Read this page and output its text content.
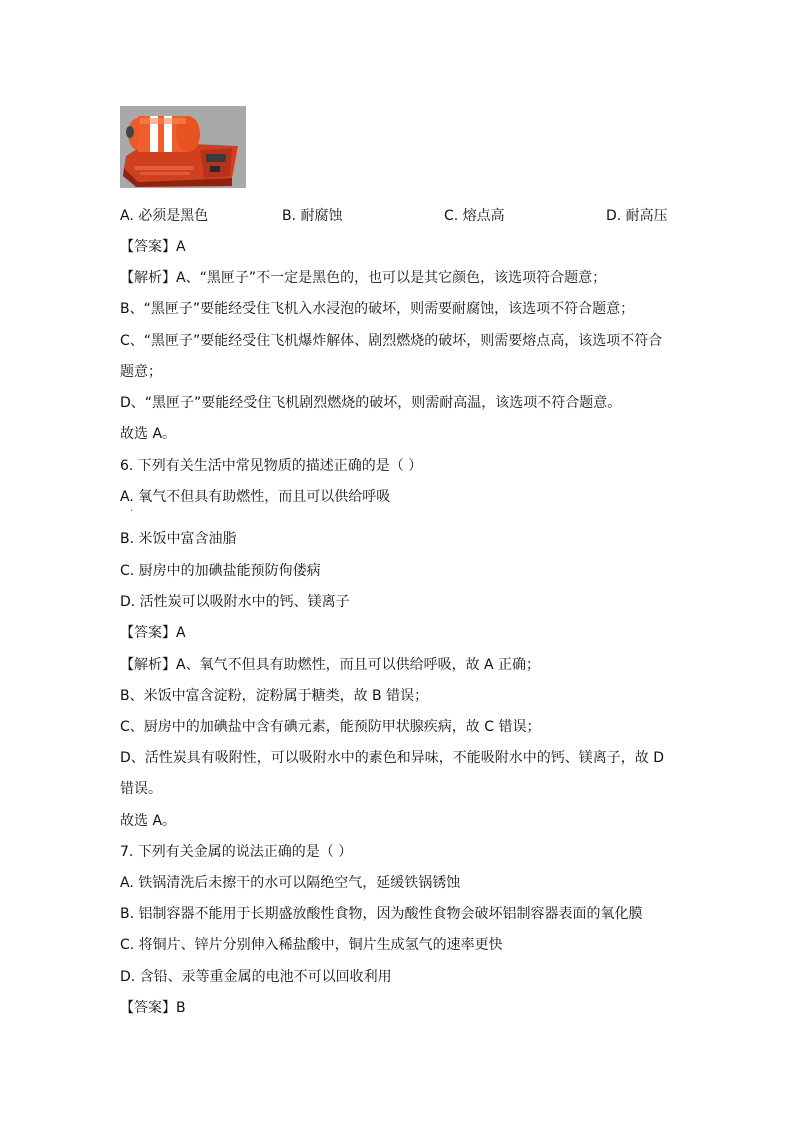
A. 必须是黑色	B. 耐腐蚀	C. 熔点高	D. 耐高压
【答案】A
【解析】A、“黑匣子”不一定是黑色的，也可以是其它颜色，该选项符合题意；
B、“黑匣子”要能经受住飞机入水浸泡的破坏，则需要耐腐蚀，该选项不符合题意；
C、“黑匣子”要能经受住飞机爆炸解体、剧烈燃烧的破坏，则需要熔点高，该选项不符合
题意；
D、“黑匣子”要能经受住飞机剧烈燃烧的破坏，则需耐高温，该选项不符合题意。
故选 A。
6. 下列有关生活中常见物质的描述正确的是（ ）
A. 氧气不但具有助燃性，而且可以供给呼吸
·
B. 米饭中富含油脂
C. 厨房中的加碘盐能预防佝偻病
D. 活性炭可以吸附水中的钙、镁离子
【答案】A
【解析】A、氧气不但具有助燃性，而且可以供给呼吸，故 A 正确；
B、米饭中富含淀粉，淀粉属于糖类，故 B 错误；
C、厨房中的加碘盐中含有碘元素，能预防甲状腺疾病，故 C 错误；
D、活性炭具有吸附性，可以吸附水中的素色和异味，不能吸附水中的钙、镁离子，故 D
错误。
故选 A。
7. 下列有关金属的说法正确的是（ ）
A. 铁锅清洗后未擦干的水可以隔绝空气，延缓铁锅锈蚀
B. 铝制容器不能用于长期盛放酸性食物，因为酸性食物会破坏铝制容器表面的氧化膜
C. 将铜片、锌片分别伸入稀盐酸中，铜片生成氢气的速率更快
D. 含铅、汞等重金属的电池不可以回收利用
【答案】B
